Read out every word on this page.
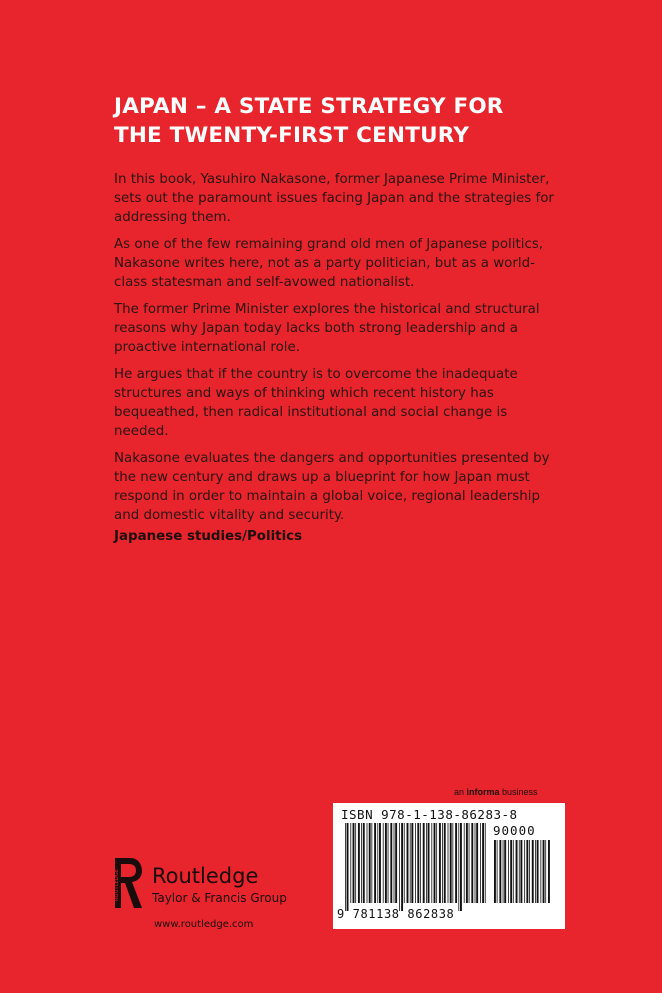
JAPAN – A STATE STRATEGY FOR
THE TWENTY-FIRST CENTURY

In this book, Yasuhiro Nakasone, former Japanese Prime Minister, sets out the paramount issues facing Japan and the strategies for addressing them.

As one of the few remaining grand old men of Japanese politics, Nakasone writes here, not as a party politician, but as a world-class statesman and self-avowed nationalist.

The former Prime Minister explores the historical and structural reasons why Japan today lacks both strong leadership and a proactive international role.

He argues that if the country is to overcome the inadequate structures and ways of thinking which recent history has bequeathed, then radical institutional and social change is needed.

Nakasone evaluates the dangers and opportunities presented by the new century and draws up a blueprint for how Japan must respond in order to maintain a global voice, regional leadership and domestic vitality and security.

Japanese studies/Politics
an informa business
ISBN 978-1-138-86283-8
90000
9 781138 862838
ROUTLEDGE Routledge
Taylor & Francis Group
www.routledge.com
